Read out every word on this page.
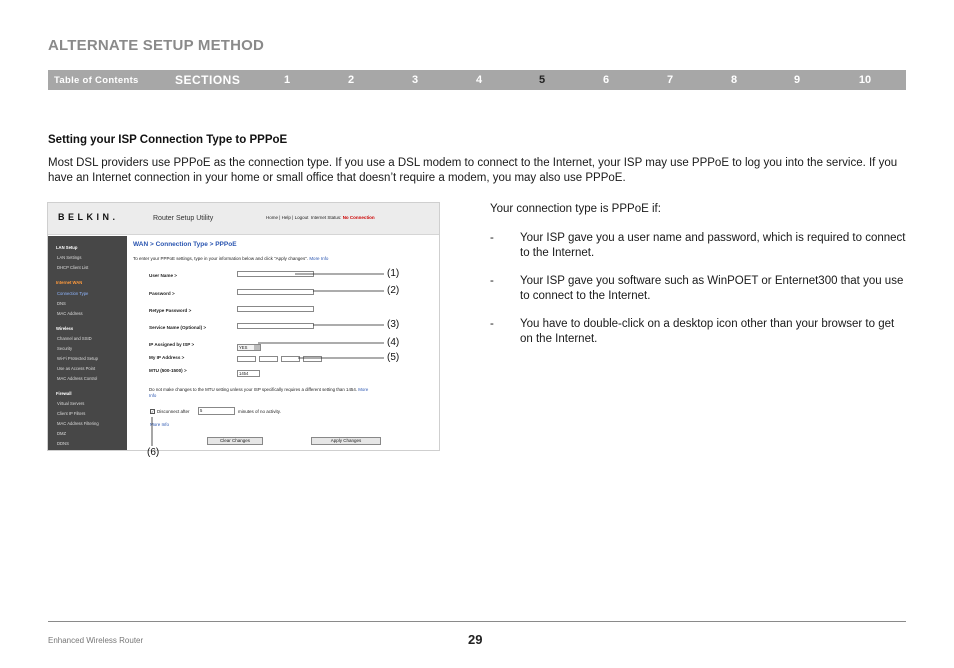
ALTERNATE SETUP METHOD
Table of Contents	SECTIONS	1	2	3	4	5	6	7	8	9	10
Setting your ISP Connection Type to PPPoE
Most DSL providers use PPPoE as the connection type. If you use a DSL modem to connect to the Internet, your ISP may use PPPoE to log you into the service. If you have an Internet connection in your home or small office that doesn’t require a modem, you may also use PPPoE.
BELKIN.	Router Setup Utility	Home | Help | Logout Internet Status: No Connection
LAN Setup
LAN Settings
DHCP Client List
Internet WAN
Connection Type
DNS
MAC Address
Wireless
Channel and SSID
Security
Wi-Fi Protected Setup
Use as Access Point
MAC Address Control
Firewall
Virtual Servers
Client IP Filters
MAC Address Filtering
DMZ
DDNS
WAN > Connection Type > PPPoE
To enter your PPPoE settings, type in your information below and click "Apply changes". More Info
User Name >
Password >
Retype Password >
Service Name (Optional) >
IP Assigned by ISP >
YES
My IP Address >
MTU (500-1500) >
1454
Do not make changes to the MTU setting unless your ISP specifically requires a different setting than 1454. More Info
✓ Disconnect after	5	minutes of no activity.
More Info
Clear Changes	Apply Changes
(1)
(2)
(3)
(4)
(5)
(6)
Your connection type is PPPoE if:
- Your ISP gave you a user name and password, which is required to connect to the Internet.
- Your ISP gave you software such as WinPOET or Enternet300 that you use to connect to the Internet.
- You have to double-click on a desktop icon other than your browser to get on the Internet.
Enhanced Wireless Router	29
